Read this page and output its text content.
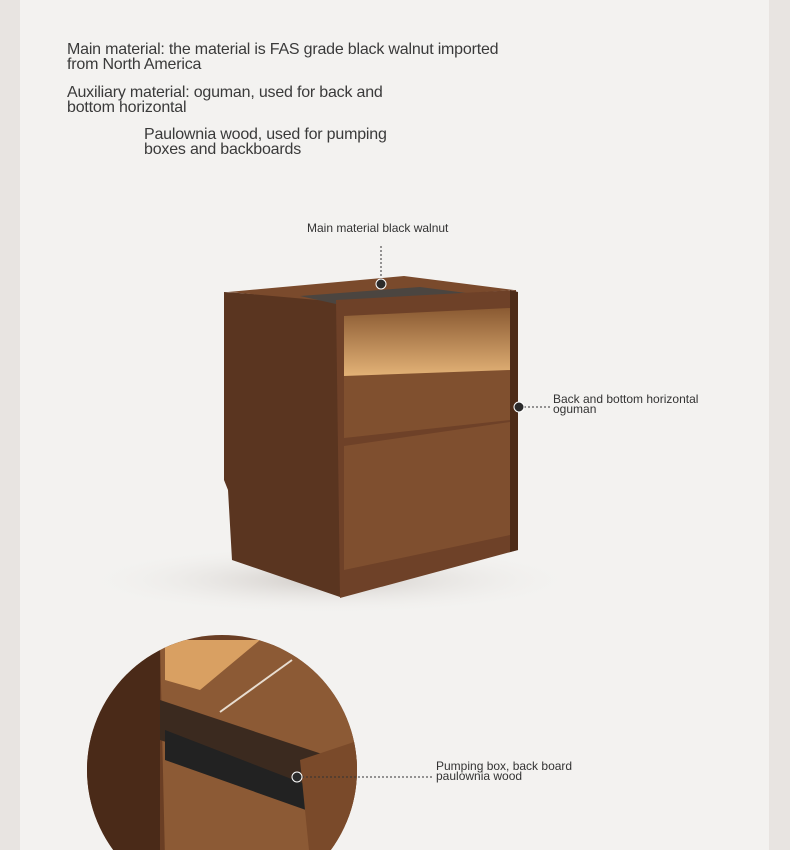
Main material: the material is FAS grade black walnut imported
from North America
Auxiliary material: oguman, used for back and
bottom horizontal
Paulownia wood, used for pumping
boxes and backboards
Main material black walnut
Back and bottom horizontal
oguman
Pumping box, back board
paulownia wood
